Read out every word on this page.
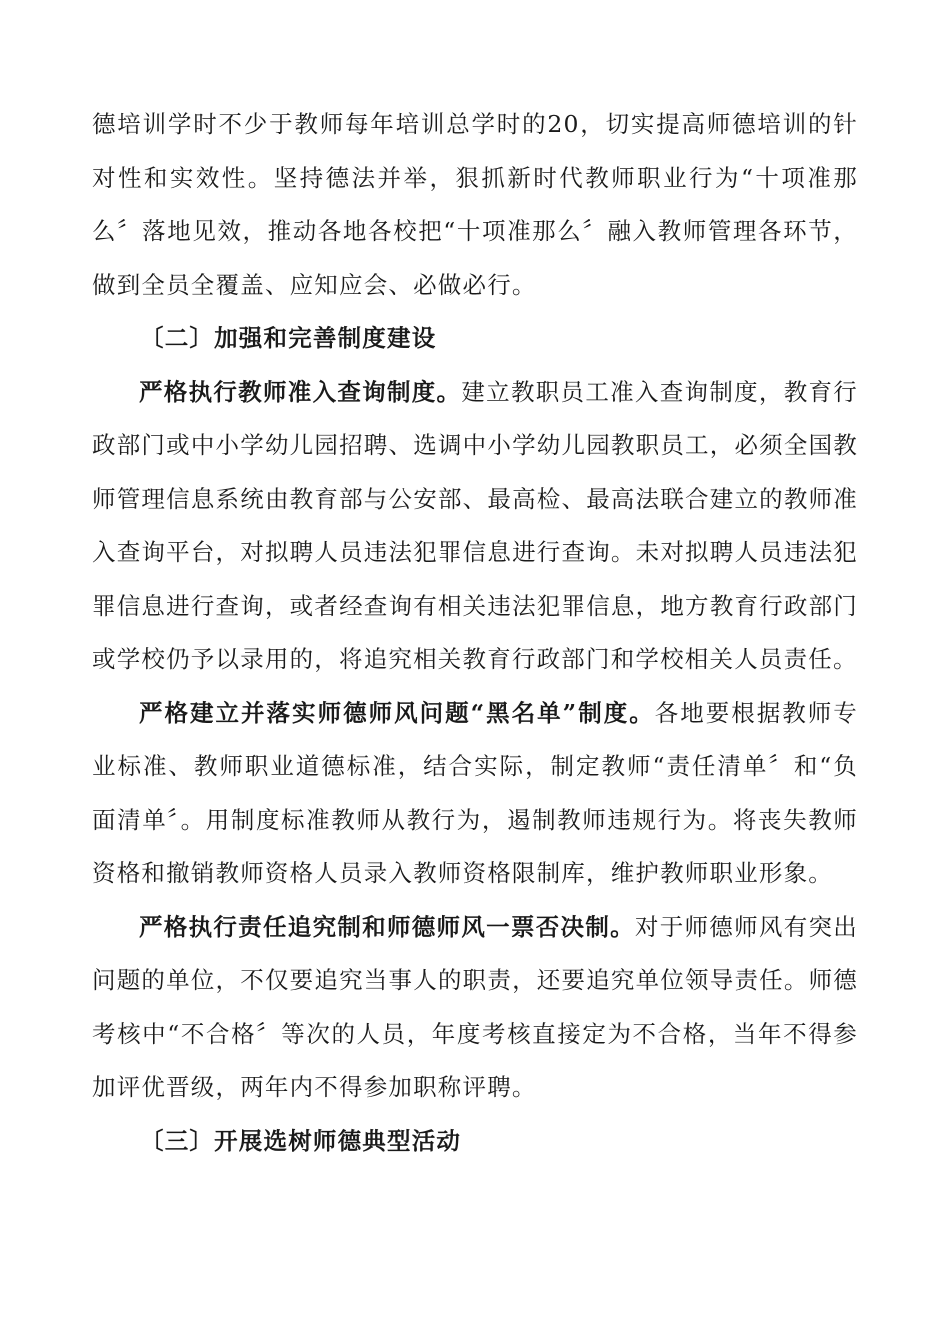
德培训学时不少于教师每年培训总学时的20，切实提高师德培训的针对性和实效性。坚持德法并举，狠抓新时代教师职业行为“十项准那么〞落地见效，推动各地各校把“十项准那么〞融入教师管理各环节，做到全员全覆盖、应知应会、必做必行。

〔二〕加强和完善制度建设

严格执行教师准入查询制度。建立教职员工准入查询制度，教育行政部门或中小学幼儿园招聘、选调中小学幼儿园教职员工，必须全国教师管理信息系统由教育部与公安部、最高检、最高法联合建立的教师准入查询平台，对拟聘人员违法犯罪信息进行查询。未对拟聘人员违法犯罪信息进行查询，或者经查询有相关违法犯罪信息，地方教育行政部门或学校仍予以录用的，将追究相关教育行政部门和学校相关人员责任。

严格建立并落实师德师风问题“黑名单”制度。各地要根据教师专业标准、教师职业道德标准，结合实际，制定教师“责任清单〞和“负面清单〞。用制度标准教师从教行为，遏制教师违规行为。将丧失教师资格和撤销教师资格人员录入教师资格限制库，维护教师职业形象。

严格执行责任追究制和师德师风一票否决制。对于师德师风有突出问题的单位，不仅要追究当事人的职责，还要追究单位领导责任。师德考核中“不合格〞等次的人员，年度考核直接定为不合格，当年不得参加评优晋级，两年内不得参加职称评聘。

〔三〕开展选树师德典型活动
